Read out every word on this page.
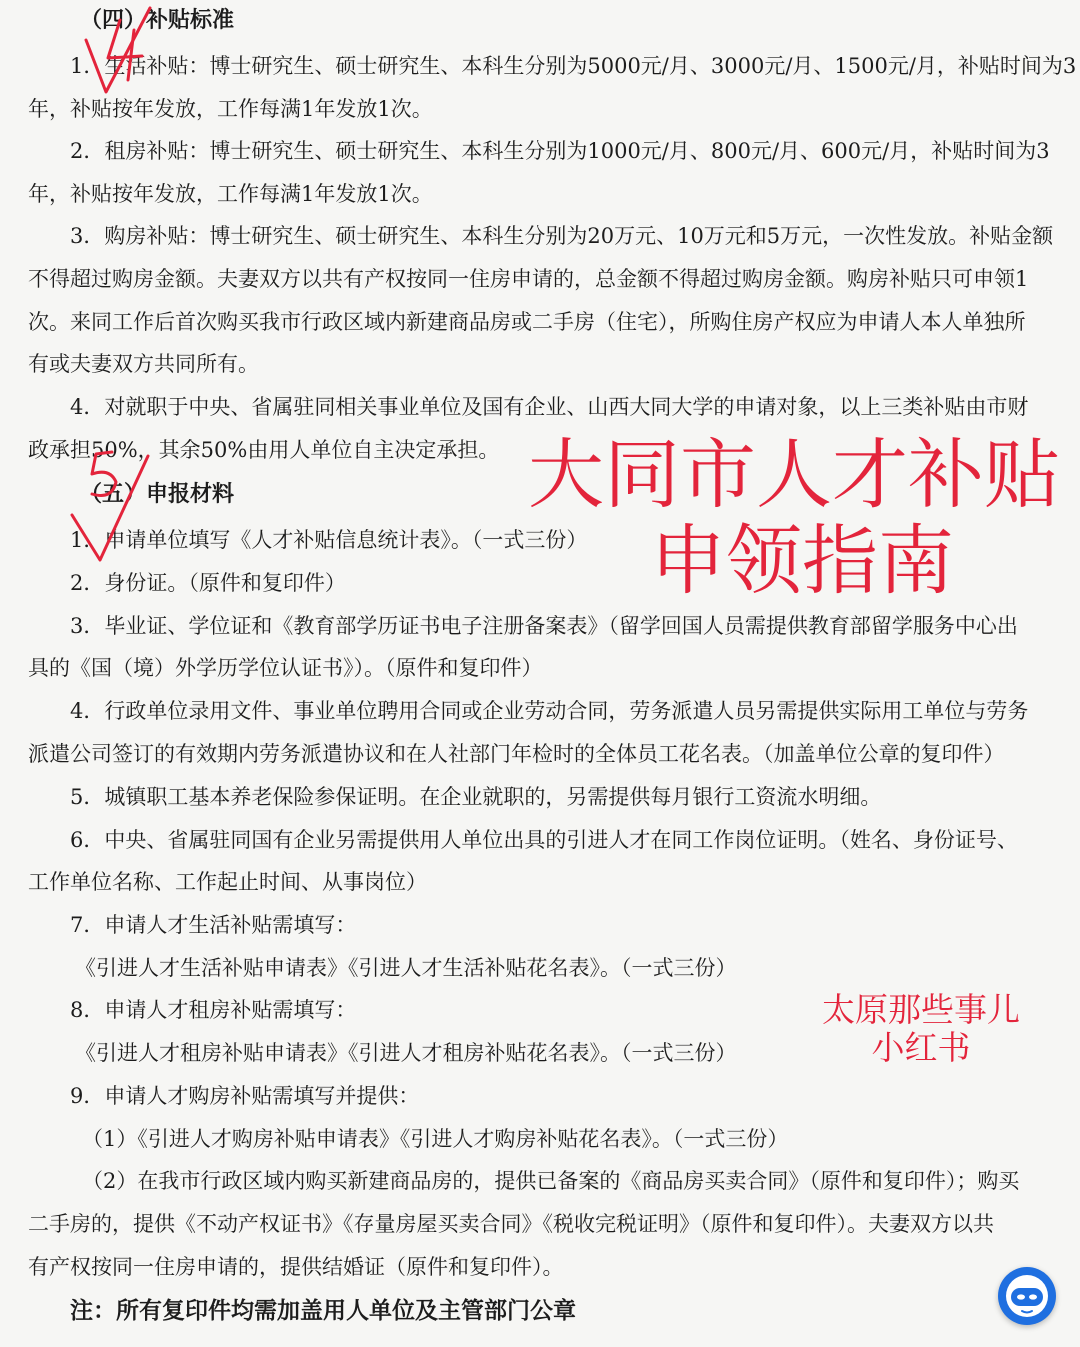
（四）补贴标准
1．生活补贴：博士研究生、硕士研究生、本科生分别为5000元/月、3000元/月、1500元/月，补贴时间为3
年，补贴按年发放，工作每满1年发放1次。
2．租房补贴：博士研究生、硕士研究生、本科生分别为1000元/月、800元/月、600元/月，补贴时间为3
年，补贴按年发放，工作每满1年发放1次。
3．购房补贴：博士研究生、硕士研究生、本科生分别为20万元、10万元和5万元，一次性发放。补贴金额
不得超过购房金额。夫妻双方以共有产权按同一住房申请的，总金额不得超过购房金额。购房补贴只可申领1
次。来同工作后首次购买我市行政区域内新建商品房或二手房（住宅），所购住房产权应为申请人本人单独所
有或夫妻双方共同所有。
4．对就职于中央、省属驻同相关事业单位及国有企业、山西大同大学的申请对象，以上三类补贴由市财
政承担50%，其余50%由用人单位自主决定承担。
（五）申报材料
1．申请单位填写《人才补贴信息统计表》。（一式三份）
2．身份证。（原件和复印件）
3．毕业证、学位证和《教育部学历证书电子注册备案表》（留学回国人员需提供教育部留学服务中心出
具的《国（境）外学历学位认证书》）。（原件和复印件）
4．行政单位录用文件、事业单位聘用合同或企业劳动合同，劳务派遣人员另需提供实际用工单位与劳务
派遣公司签订的有效期内劳务派遣协议和在人社部门年检时的全体员工花名表。（加盖单位公章的复印件）
5．城镇职工基本养老保险参保证明。在企业就职的，另需提供每月银行工资流水明细。
6．中央、省属驻同国有企业另需提供用人单位出具的引进人才在同工作岗位证明。（姓名、身份证号、
工作单位名称、工作起止时间、从事岗位）
7．申请人才生活补贴需填写：
《引进人才生活补贴申请表》《引进人才生活补贴花名表》。（一式三份）
8．申请人才租房补贴需填写：
《引进人才租房补贴申请表》《引进人才租房补贴花名表》。（一式三份）
9．申请人才购房补贴需填写并提供：
（1）《引进人才购房补贴申请表》《引进人才购房补贴花名表》。（一式三份）
（2）在我市行政区域内购买新建商品房的，提供已备案的《商品房买卖合同》（原件和复印件）；购买
二手房的，提供《不动产权证书》《存量房屋买卖合同》《税收完税证明》（原件和复印件）。夫妻双方以共
有产权按同一住房申请的，提供结婚证（原件和复印件）。
注：所有复印件均需加盖用人单位及主管部门公章
大同市人才补贴
申领指南
太原那些事儿
小红书
